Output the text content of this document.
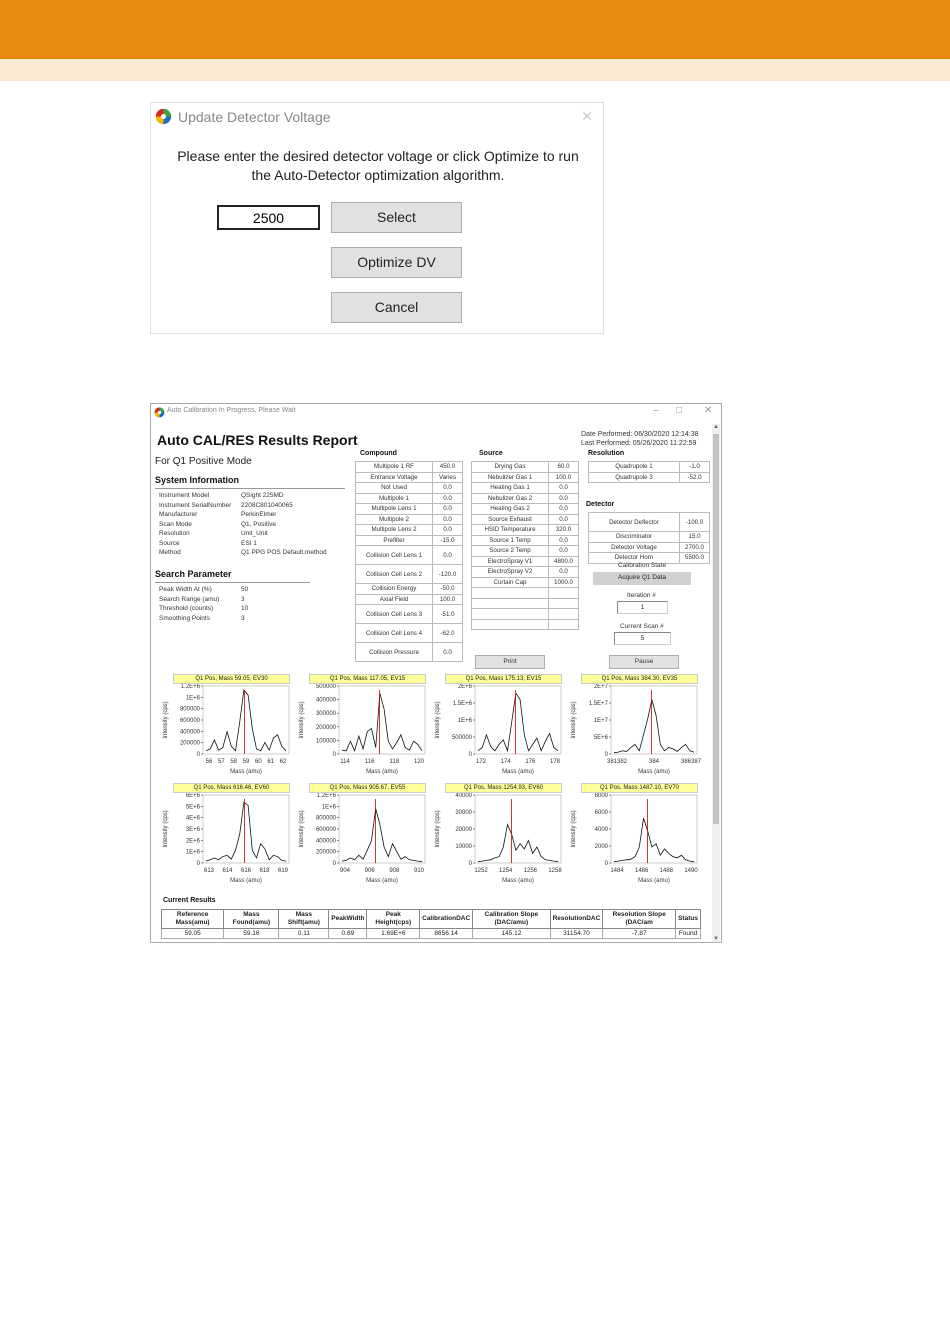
Update Detector Voltage	✕
Please enter the desired detector voltage or click Optimize to run
the Auto-Detector optimization algorithm.
2500
Select
Optimize DV
Cancel
Auto Calibration In Progress, Please Wait	– □ ✕
▲
▼
Auto CAL/RES Results Report	Date Performed: 06/30/2020 12:14:38
Last Performed: 05/26/2020 11:22:59
For Q1 Positive Mode
System Information
Instrument Model	QSight 225MD
Instrument SerialNumber	2208C801040065
Manufacturer	PerkinElmer
Scan Mode	Q1, Positive
Resolution	Unit_Unit
Source	ESI 1
Method	Q1 PPG POS Default.method
Search Parameter
Peak Width At (%)	50
Search Range (amu)	3
Threshold (counts)	10
Smoothing Points	3
Compound
Multipole 1 RF	450.0
Entrance Voltage	Varies
Not Used	0.0
Multipole 1	0.0
Multipole Lens 1	0.0
Multipole 2	0.0
Multipole Lens 2	0.0
Prefilter	-15.0
Collision Cell Lens 1	0.0
Collision Cell Lens 2	-120.0
Collision Energy	-50.0
Axial Field	100.0
Collision Cell Lens 3	-51.0
Collision Cell Lens 4	-62.0
Collision Pressure	0.0
Source
Drying Gas	60.0
Nebulizer Gas 1	100.0
Heating Gas 1	0.0
Nebulizer Gas 2	0.0
Heating Gas 2	0.0
Source Exhaust	0.0
HSID Temperature	320.0
Source 1 Temp	0.0
Source 2 Temp	0.0
ElectroSpray V1	4800.0
ElectroSpray V2	0.0
Curtain Cap	1000.0

Resolution
Quadrupole 1	-1.0
Quadrupole 3	-52.0
Detector
Detector Deflector	-100.0
Discriminator	15.0
Detector Voltage	2700.0
Detector Horn	5500.0
Calibration State
Acquire Q1 Data
Iteration #
1
Current Scan #
5
Print	Pause
Q1 Pos, Mass 59.05, EV30
1.2E+6
1E+6
800000
600000
400000
200000
0
56 57 58 59 60 61 62
Mass (amu)
Intensity (cps)
Q1 Pos, Mass 117.05, EV15
500000
400000
300000
200000
100000
0
114	116	118 120
Mass (amu)
Intensity (cps)
Q1 Pos, Mass 175.13, EV15
2E+6
1.5E+6
1E+6
500000
0
172 174 176 178
Mass (amu)
Intensity (cps)
Q1 Pos, Mass 384.30, EV35
2E+7
1.5E+7
1E+7
5E+6
0
381382	384	386387
Mass (amu)
Intensity (cps)
Q1 Pos, Mass 616.46, EV60
6E+6
5E+6
4E+6
3E+6
2E+6
1E+6
0
613 614 616 618 619
Mass (amu)
Intensity (cps)
Q1 Pos, Mass 905.67, EV55
1.2E+6
1E+6
800000
600000
400000
200000
0
904 906 908 910
Mass (amu)
Intensity (cps)
Q1 Pos, Mass 1254.93, EV60
40000
30000
20000
10000
0
1252 1254 1256 1258
Mass (amu)
Intensity (cps)
Q1 Pos, Mass 1487.10, EV70
8000
6000
4000
2000
0
1484 1486 1488 1490
Mass (amu)
Intensity (cps)
Current Results
Reference Mass(amu)	Mass Found(amu)	Mass Shift(amu)	PeakWidth	Peak Height(cps)	CalibrationDAC	Calibration Slope (DAC/amu)	ResolutionDAC	Resolution Slope (DAC/am	Status
59.05	59.16	0.11	0.69	1.69E+6	8656.14	145.12	31154.70	-7.87	Found
